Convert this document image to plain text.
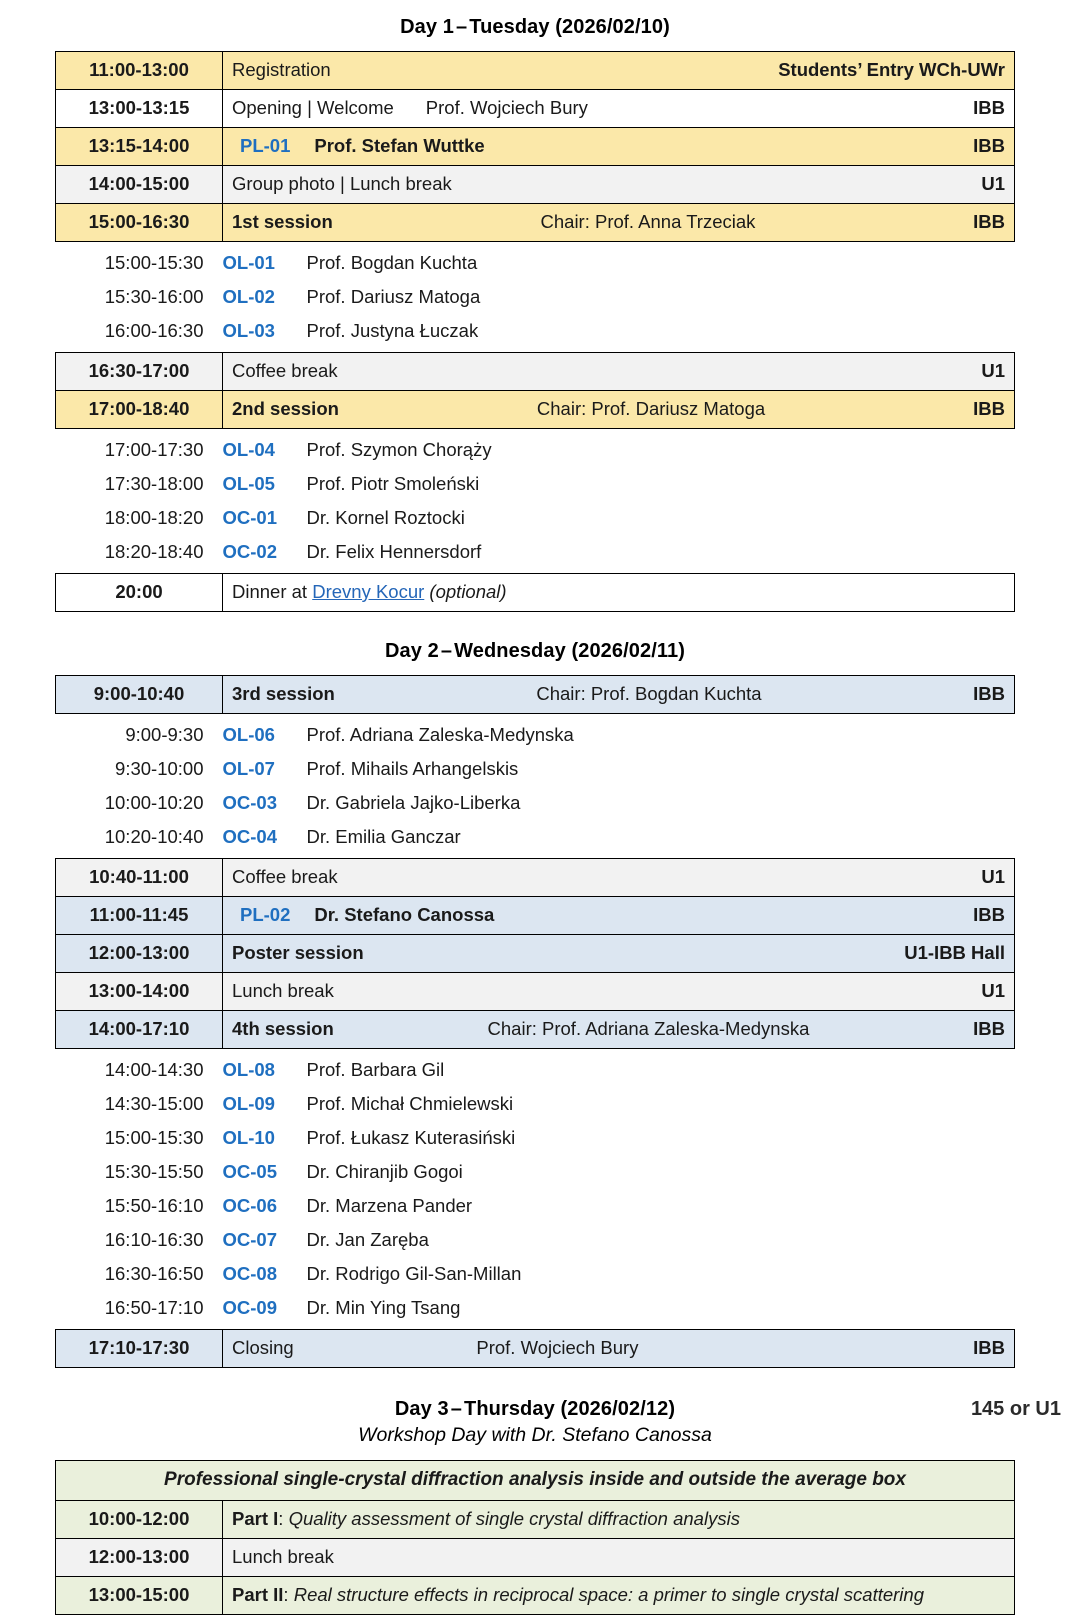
Day 1 – Tuesday (2026/02/10)
11:00-13:00	Registration Students’ Entry WCh-UWr

13:00-13:15	Opening | Welcome Prof. Wojciech Bury IBB

13:15-14:00	PL-01 Prof. Stefan Wuttke IBB

14:00-15:00	Group photo | Lunch break U1

15:00-16:30	1st session Chair: Prof. Anna Trzeciak IBB

15:00-15:30	OL-01 Prof. Bogdan Kuchta

15:30-16:00	OL-02 Prof. Dariusz Matoga

16:00-16:30	OL-03 Prof. Justyna Łuczak

16:30-17:00	Coffee break U1

17:00-18:40	2nd session Chair: Prof. Dariusz Matoga IBB

17:00-17:30	OL-04 Prof. Szymon Chorąży

17:30-18:00	OL-05 Prof. Piotr Smoleński

18:00-18:20	OC-01 Dr. Kornel Roztocki

18:20-18:40	OC-02 Dr. Felix Hennersdorf

20:00	Dinner at Drevny Kocur (optional)
Day 2 – Wednesday (2026/02/11)
9:00-10:40	3rd session Chair: Prof. Bogdan Kuchta IBB

9:00-9:30	OL-06 Prof. Adriana Zaleska-Medynska

9:30-10:00	OL-07 Prof. Mihails Arhangelskis

10:00-10:20	OC-03 Dr. Gabriela Jajko-Liberka

10:20-10:40	OC-04 Dr. Emilia Ganczar

10:40-11:00	Coffee break U1

11:00-11:45	PL-02 Dr. Stefano Canossa IBB

12:00-13:00	Poster session U1-IBB Hall

13:00-14:00	Lunch break U1

14:00-17:10	4th session Chair: Prof. Adriana Zaleska-Medynska IBB

14:00-14:30	OL-08 Prof. Barbara Gil

14:30-15:00	OL-09 Prof. Michał Chmielewski

15:00-15:30	OL-10 Prof. Łukasz Kuterasiński

15:30-15:50	OC-05 Dr. Chiranjib Gogoi

15:50-16:10	OC-06 Dr. Marzena Pander

16:10-16:30	OC-07 Dr. Jan Zaręba

16:30-16:50	OC-08 Dr. Rodrigo Gil-San-Millan

16:50-17:10	OC-09 Dr. Min Ying Tsang

17:10-17:30	Closing Prof. Wojciech Bury IBB
Day 3 – Thursday (2026/02/12)	145 or U1
Workshop Day with Dr. Stefano Canossa
Professional single-crystal diffraction analysis inside and outside the average box	
10:00-12:00	Part I: Quality assessment of single crystal diffraction analysis

12:00-13:00	Lunch break

13:00-15:00	Part II: Real structure effects in reciprocal space: a primer to single crystal scattering
